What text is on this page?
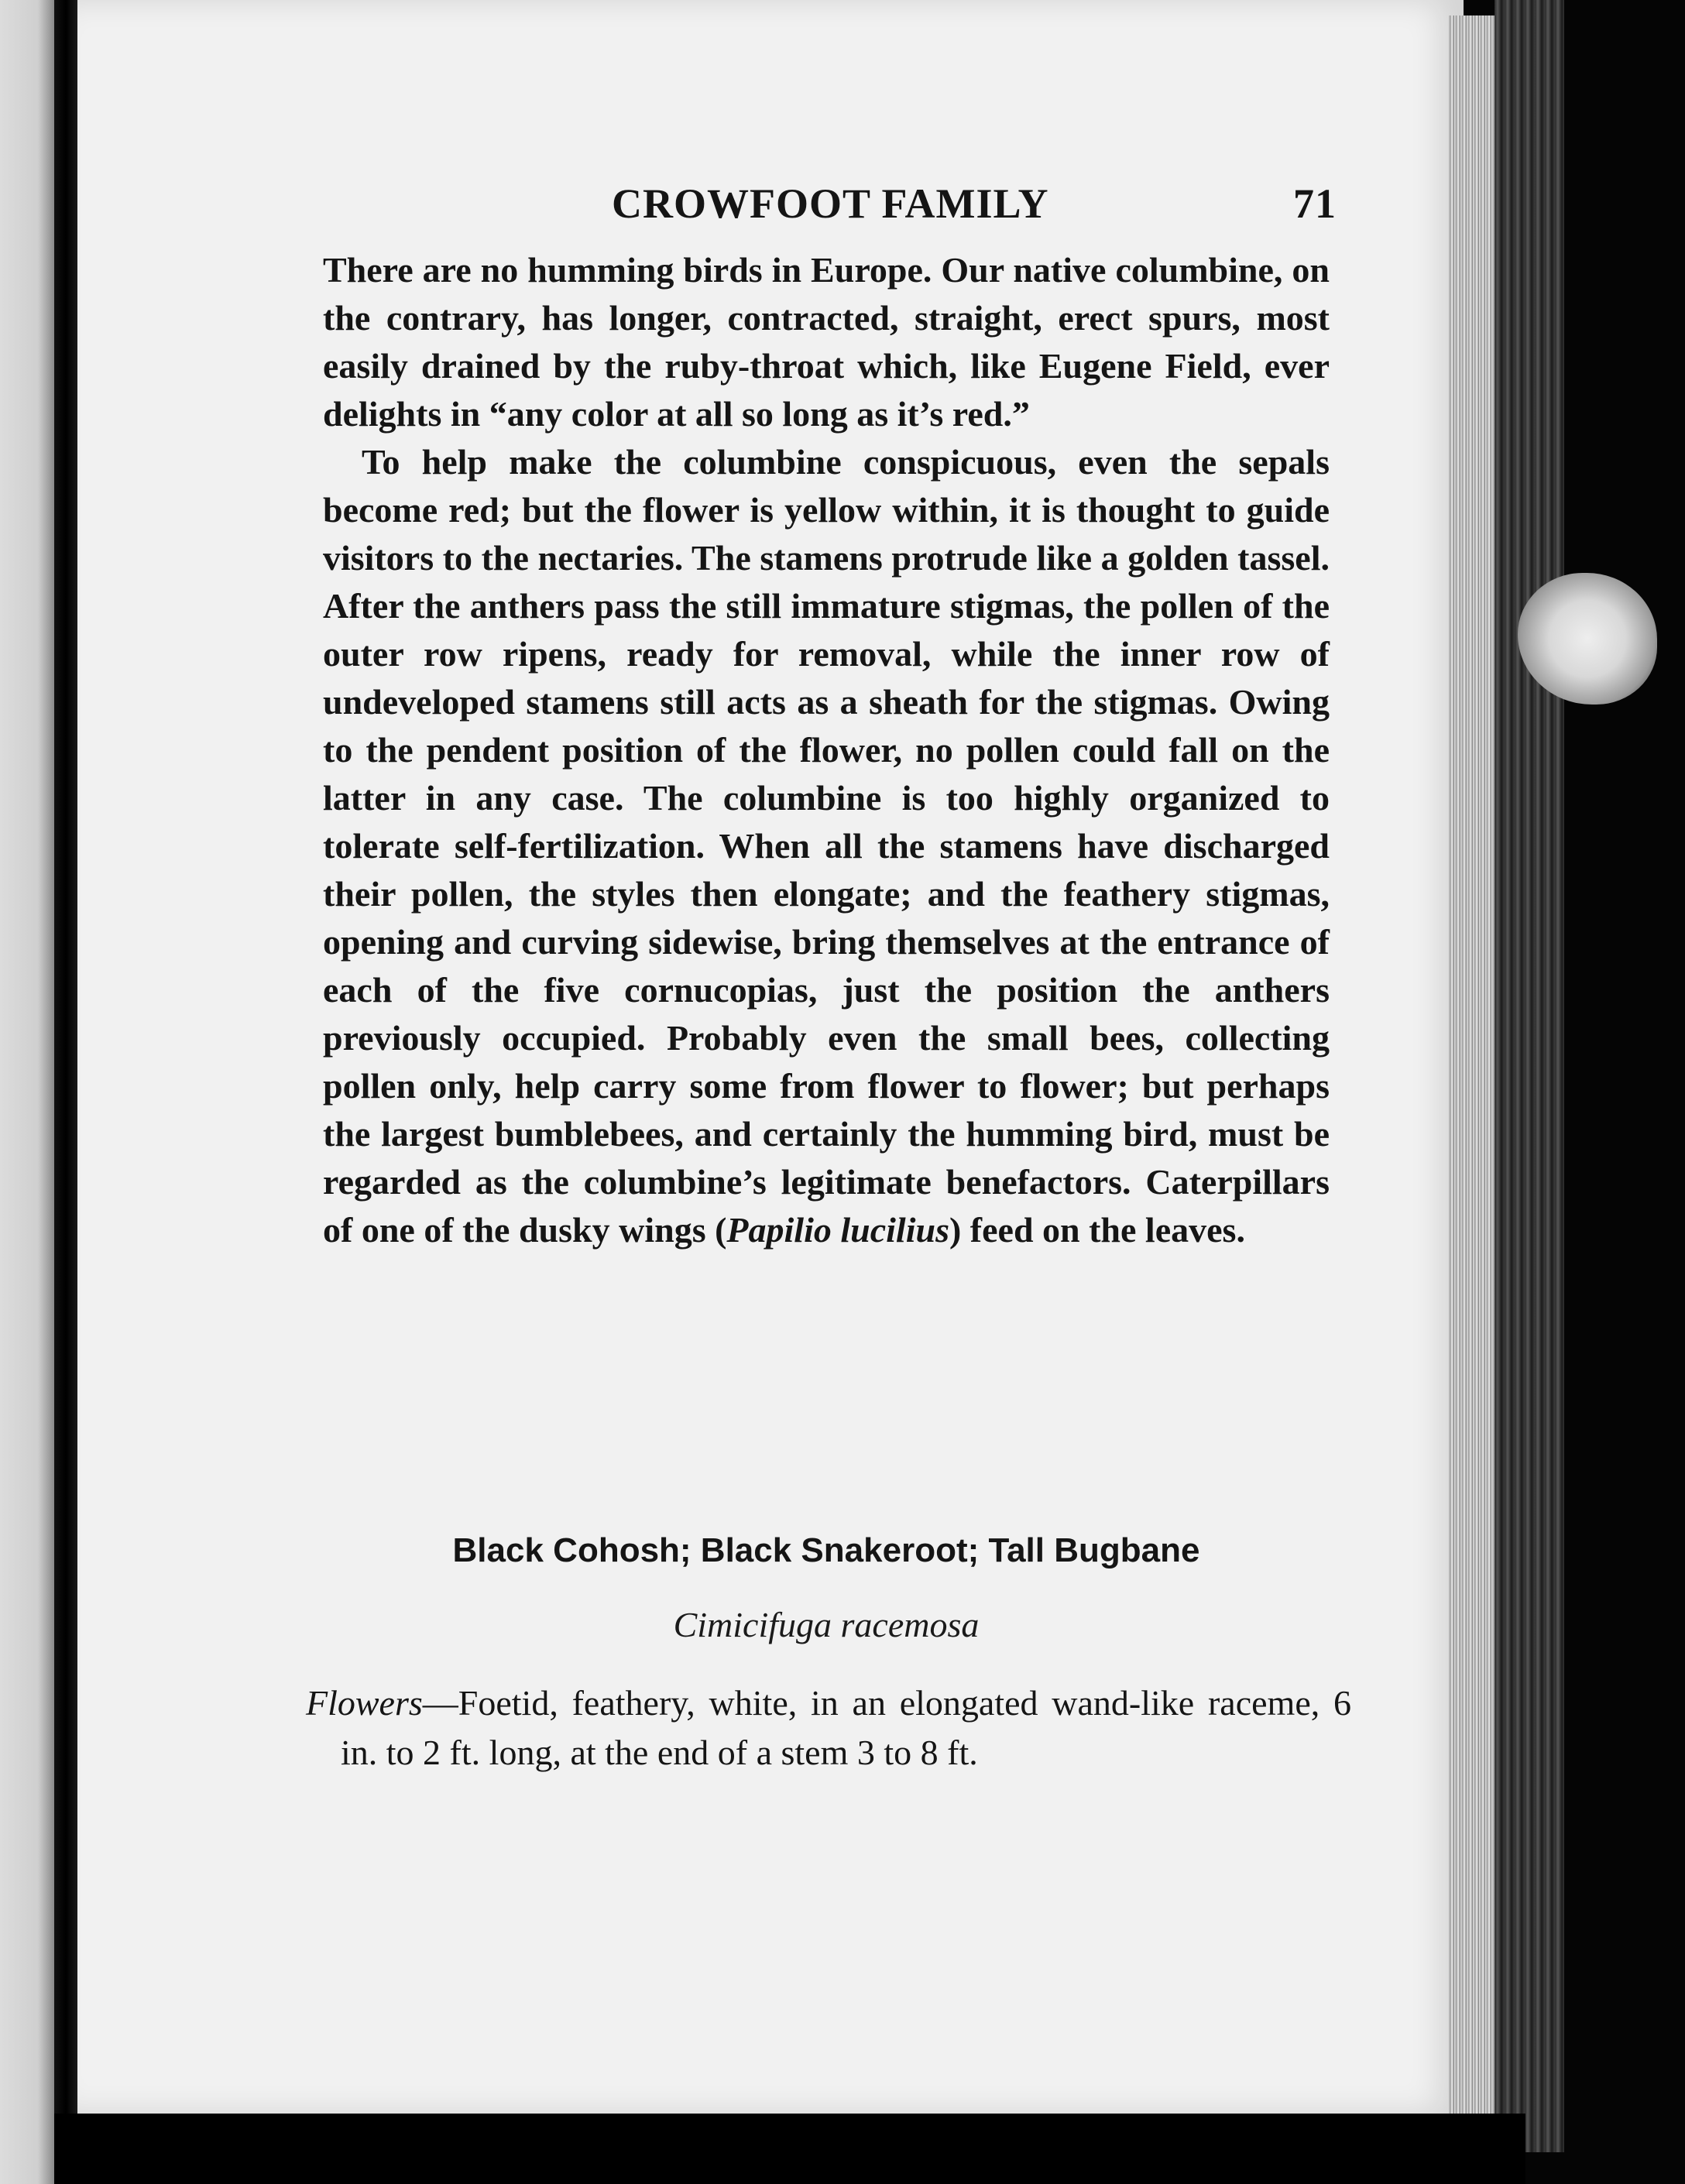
CROWFOOT FAMILY	71

There are no humming birds in Europe. Our native columbine, on the contrary, has longer, contracted, straight, erect spurs, most easily drained by the ruby-throat which, like Eugene Field, ever delights in “any color at all so long as it’s red.”

To help make the columbine conspicuous, even the sepals become red; but the flower is yellow within, it is thought to guide visitors to the nectaries. The stamens protrude like a golden tassel. After the anthers pass the still immature stigmas, the pollen of the outer row ripens, ready for removal, while the inner row of undeveloped stamens still acts as a sheath for the stigmas. Owing to the pendent position of the flower, no pollen could fall on the latter in any case. The columbine is too highly organized to tolerate self-fertilization. When all the stamens have discharged their pollen, the styles then elongate; and the feathery stigmas, opening and curving sidewise, bring themselves at the entrance of each of the five cornucopias, just the position the anthers previously occupied. Probably even the small bees, collecting pollen only, help carry some from flower to flower; but perhaps the largest bumblebees, and certainly the humming bird, must be regarded as the columbine’s legitimate benefactors. Caterpillars of one of the dusky wings (Papilio lucilius) feed on the leaves.

Black Cohosh; Black Snakeroot; Tall Bugbane
Cimicifuga racemosa
Flowers—Foetid, feathery, white, in an elongated wand-like raceme, 6 in. to 2 ft. long, at the end of a stem 3 to 8 ft.
